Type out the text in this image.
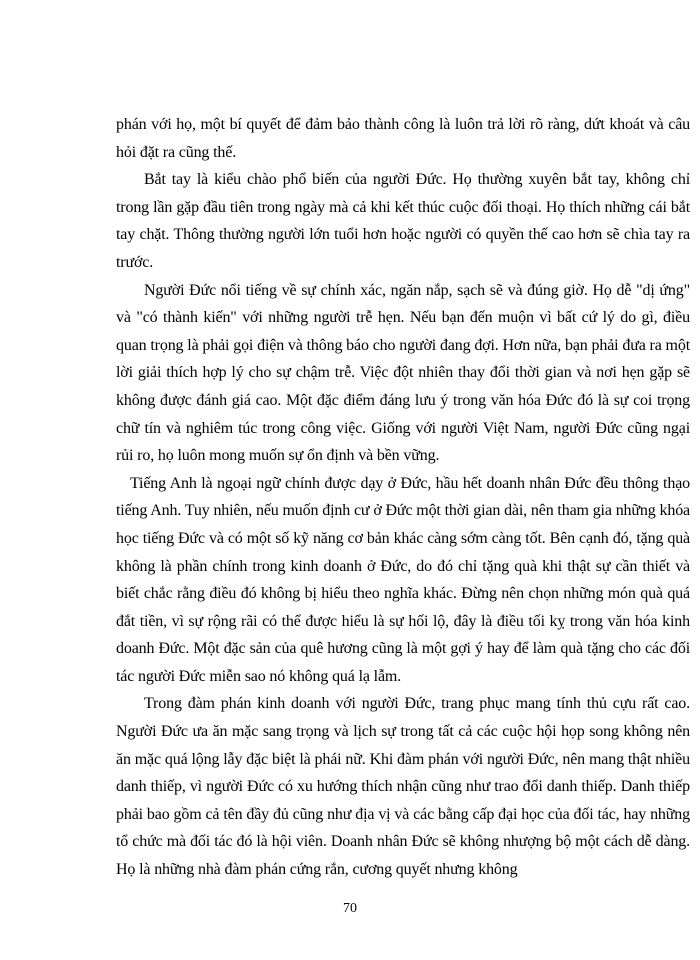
phán với họ, một bí quyết để đảm bảo thành công là luôn trả lời rõ ràng, dứt khoát và câu hỏi đặt ra cũng thế.

Bắt tay là kiểu chào phổ biến của người Đức. Họ thường xuyên bắt tay, không chỉ trong lần gặp đầu tiên trong ngày mà cả khi kết thúc cuộc đối thoại. Họ thích những cái bắt tay chặt. Thông thường người lớn tuổi hơn hoặc người có quyền thế cao hơn sẽ chìa tay ra trước.

Người Đức nổi tiếng về sự chính xác, ngăn nắp, sạch sẽ và đúng giờ. Họ dễ "dị ứng" và "có thành kiến" với những người trễ hẹn. Nếu bạn đến muộn vì bất cứ lý do gì, điều quan trọng là phải gọi điện và thông báo cho người đang đợi. Hơn nữa, bạn phải đưa ra một lời giải thích hợp lý cho sự chậm trễ. Việc đột nhiên thay đổi thời gian và nơi hẹn gặp sẽ không được đánh giá cao. Một đặc điểm đáng lưu ý trong văn hóa Đức đó là sự coi trọng chữ tín và nghiêm túc trong công việc. Giống với người Việt Nam, người Đức cũng ngại rủi ro, họ luôn mong muốn sự ổn định và bền vững.

Tiếng Anh là ngoại ngữ chính được dạy ở Đức, hầu hết doanh nhân Đức đều thông thạo tiếng Anh. Tuy nhiên, nếu muốn định cư ở Đức một thời gian dài, nên tham gia những khóa học tiếng Đức và có một số kỹ năng cơ bản khác càng sớm càng tốt. Bên cạnh đó, tặng quà không là phần chính trong kinh doanh ở Đức, do đó chỉ tặng quà khi thật sự cần thiết và biết chắc rằng điều đó không bị hiểu theo nghĩa khác. Đừng nên chọn những món quà quá đắt tiền, vì sự rộng rãi có thể được hiểu là sự hối lộ, đây là điều tối kỵ trong văn hóa kinh doanh Đức. Một đặc sản của quê hương cũng là một gợi ý hay để làm quà tặng cho các đối tác người Đức miễn sao nó không quá lạ lẫm.

Trong đàm phán kinh doanh với người Đức, trang phục mang tính thủ cựu rất cao. Người Đức ưa ăn mặc sang trọng và lịch sự trong tất cả các cuộc hội họp song không nên ăn mặc quá lộng lẫy đặc biệt là phái nữ. Khi đàm phán với người Đức, nên mang thật nhiều danh thiếp, vì người Đức có xu hướng thích nhận cũng như trao đổi danh thiếp. Danh thiếp phải bao gồm cả tên đầy đủ cũng như địa vị và các bằng cấp đại học của đối tác, hay những tổ chức mà đối tác đó là hội viên. Doanh nhân Đức sẽ không nhượng bộ một cách dễ dàng. Họ là những nhà đàm phán cứng rắn, cương quyết nhưng không

70
